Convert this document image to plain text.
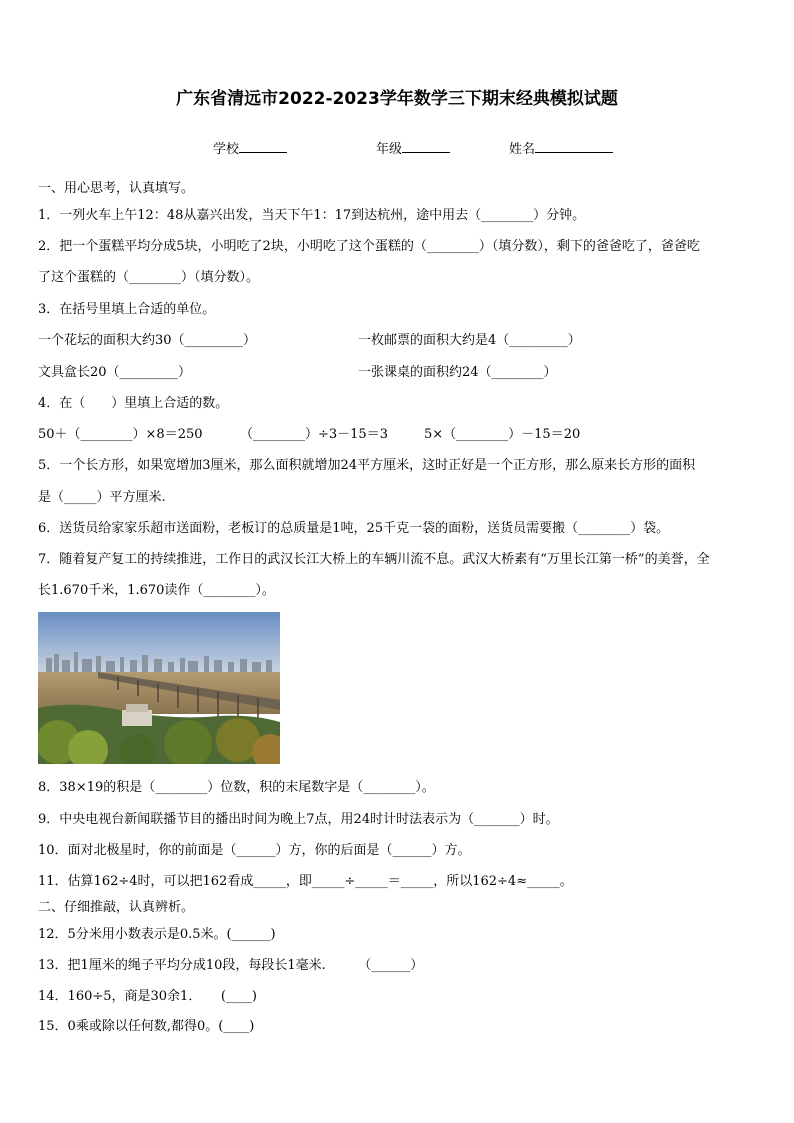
广东省清远市2022-2023学年数学三下期末经典模拟试题
学校	年级	姓名
一、用心思考，认真填写。
1．一列火车上午12：48从嘉兴出发，当天下午1：17到达杭州，途中用去（________）分钟。
2．把一个蛋糕平均分成5块，小明吃了2块，小明吃了这个蛋糕的（________）（填分数），剩下的爸爸吃了，爸爸吃
了这个蛋糕的（________）（填分数）。
3．在括号里填上合适的单位。
一个花坛的面积大约30（_________）	一枚邮票的面积大约是4（_________）
文具盒长20（_________）	一张课桌的面积约24（________）
4．在（　　）里填上合适的数。
50＋（________）×8＝250	（________）÷3－15＝3	5×（________）－15＝20
5．一个长方形，如果宽增加3厘米，那么面积就增加24平方厘米，这时正好是一个正方形，那么原来长方形的面积
是（_____）平方厘米.
6．送货员给家家乐超市送面粉，老板订的总质量是1吨，25千克一袋的面粉，送货员需要搬（________）袋。
7．随着复产复工的持续推进，工作日的武汉长江大桥上的车辆川流不息。武汉大桥素有“万里长江第一桥”的美誉，全
长1.670千米，1.670读作（________）。
8．38×19的积是（________）位数，积的末尾数字是（________）。
9．中央电视台新闻联播节目的播出时间为晚上7点，用24时计时法表示为（_______）时。
10．面对北极星时，你的前面是（______）方，你的后面是（______）方。
11．估算162÷4时，可以把162看成_____，即_____÷_____＝_____，所以162÷4≈_____。
二、仔细推敲，认真辨析。
12．5分米用小数表示是0.5米。(______)
13．把1厘米的绳子平均分成10段，每段长1毫米.　　　（______）
14．160÷5，商是30余1．　　(____)
15．0乘或除以任何数,都得0。(____)
